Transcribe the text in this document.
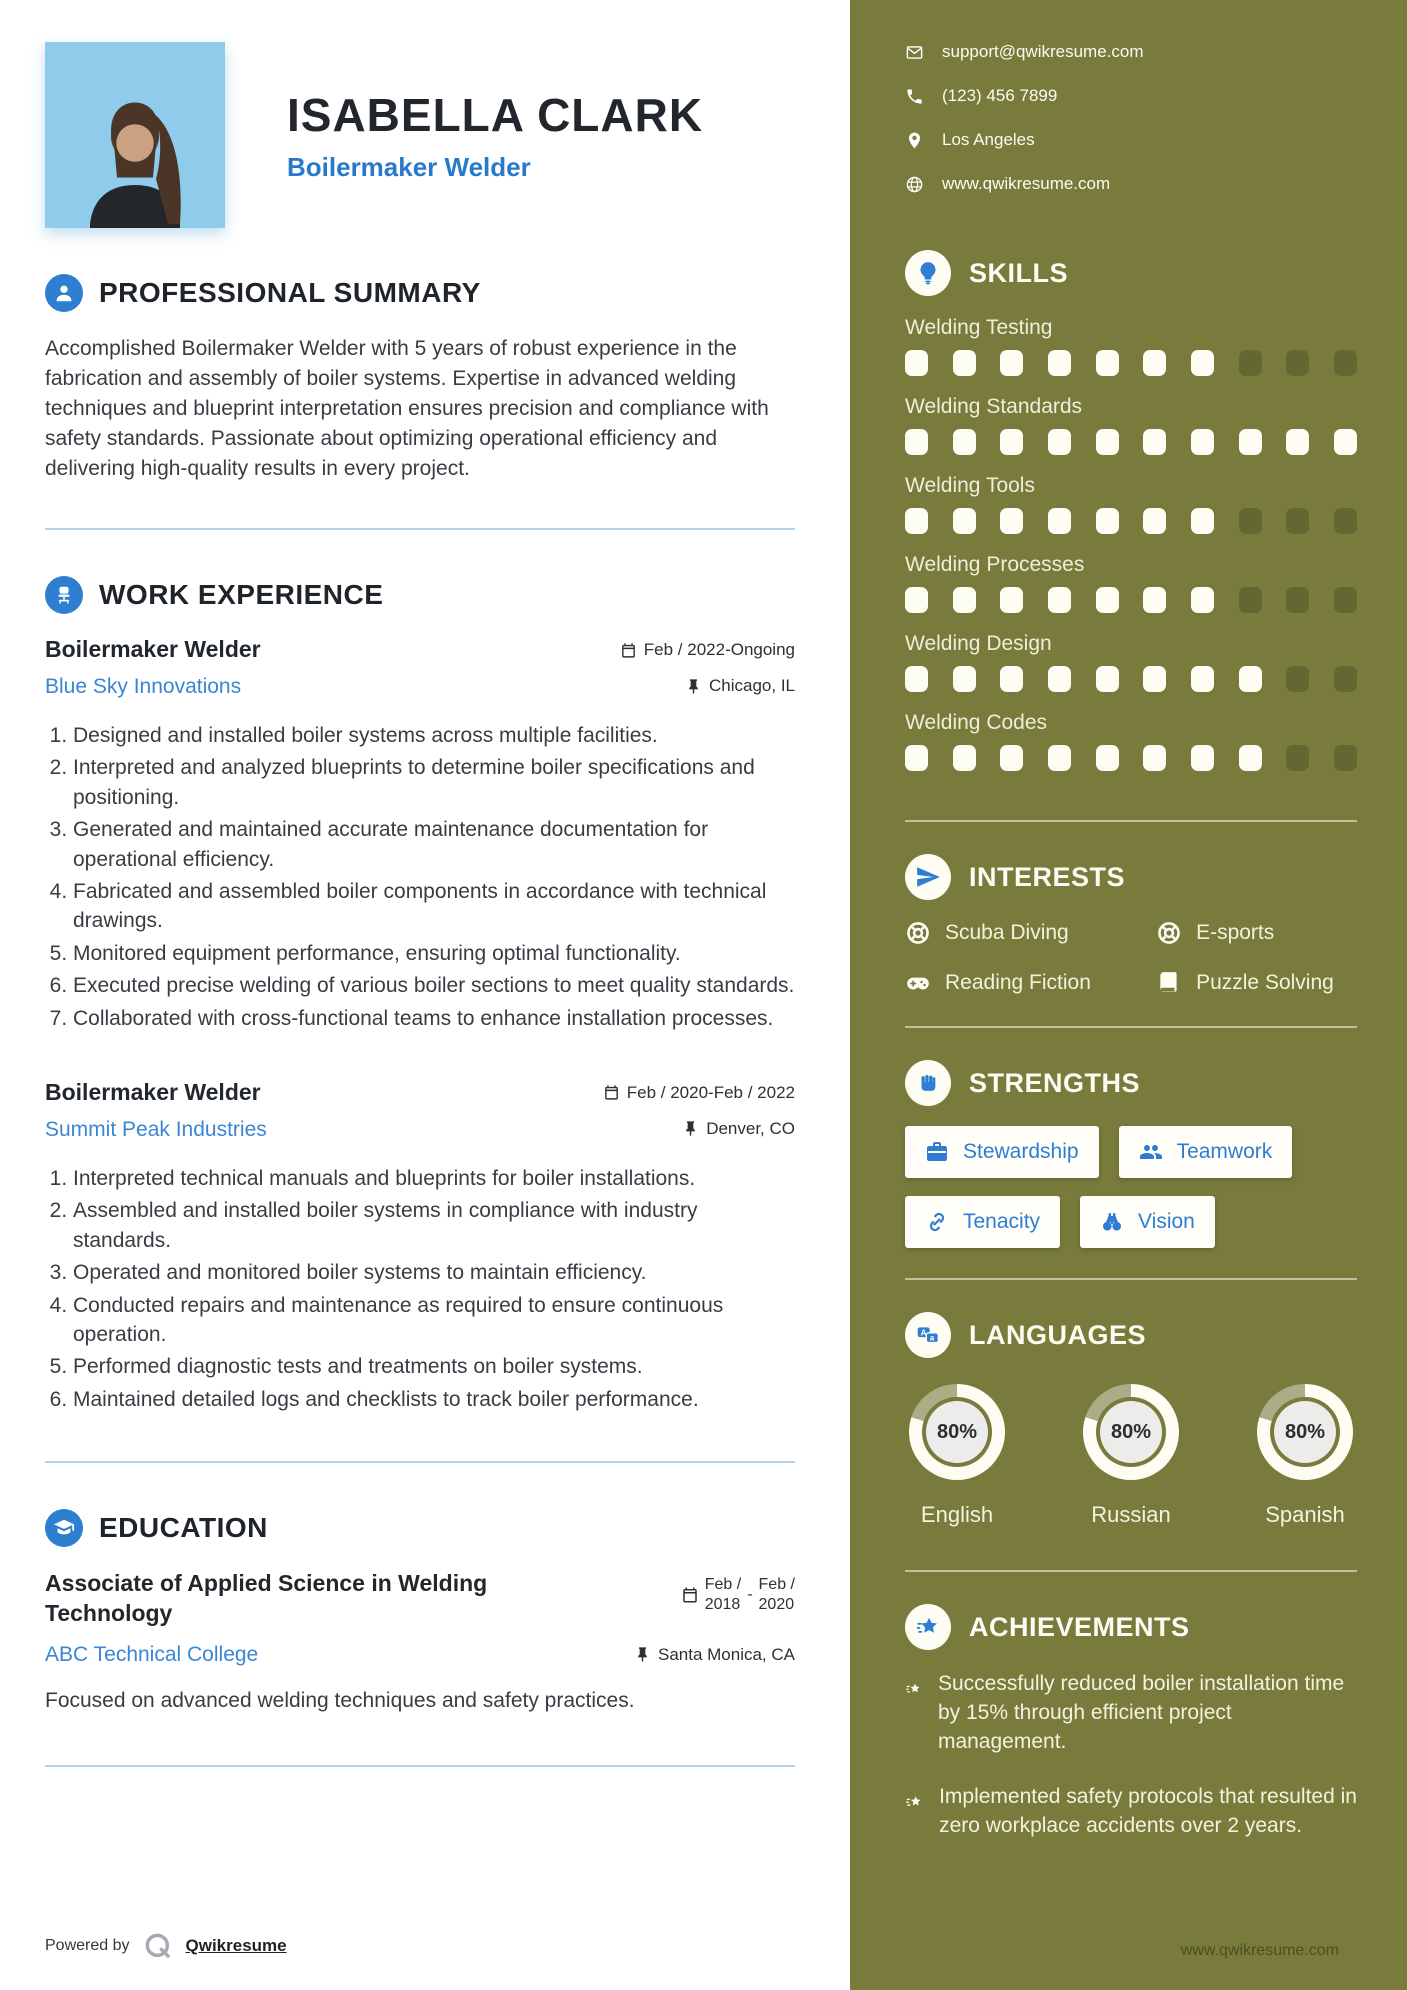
ISABELLA CLARK
Boilermaker Welder
PROFESSIONAL SUMMARY

Accomplished Boilermaker Welder with 5 years of robust experience in the fabrication and assembly of boiler systems. Expertise in advanced welding techniques and blueprint interpretation ensures precision and compliance with safety standards. Passionate about optimizing operational efficiency and delivering high-quality results in every project.

WORK EXPERIENCE
Boilermaker Welder
Blue Sky Innovations
Feb / 2022-Ongoing
Chicago, IL
1. Designed and installed boiler systems across multiple facilities.
2. Interpreted and analyzed blueprints to determine boiler specifications and positioning.
3. Generated and maintained accurate maintenance documentation for operational efficiency.
4. Fabricated and assembled boiler components in accordance with technical drawings.
5. Monitored equipment performance, ensuring optimal functionality.
6. Executed precise welding of various boiler sections to meet quality standards.
7. Collaborated with cross-functional teams to enhance installation processes.
Boilermaker Welder
Summit Peak Industries
Feb / 2020-Feb / 2022
Denver, CO
1. Interpreted technical manuals and blueprints for boiler installations.
2. Assembled and installed boiler systems in compliance with industry standards.
3. Operated and monitored boiler systems to maintain efficiency.
4. Conducted repairs and maintenance as required to ensure continuous operation.
5. Performed diagnostic tests and treatments on boiler systems.
6. Maintained detailed logs and checklists to track boiler performance.
EDUCATION
Associate of Applied Science in Welding Technology
Feb /
2018
-
Feb /
2020
ABC Technical College	Santa Monica, CA

Focused on advanced welding techniques and safety practices.

Powered by	Qwikresume
support@qwikresume.com
(123) 456 7899
Los Angeles
www.qwikresume.com
SKILLS
Welding Testing
Welding Standards
Welding Tools
Welding Processes
Welding Design
Welding Codes
INTERESTS
Scuba Diving	E-sports
Reading Fiction	Puzzle Solving
STRENGTHS
Stewardship	Teamwork
Tenacity	Vision
A
a LANGUAGES
80%
English
80%
Russian
80%
Spanish
ACHIEVEMENTS
Successfully reduced boiler installation time by 15% through efficient project management.
Implemented safety protocols that resulted in zero workplace accidents over 2 years.
www.qwikresume.com
